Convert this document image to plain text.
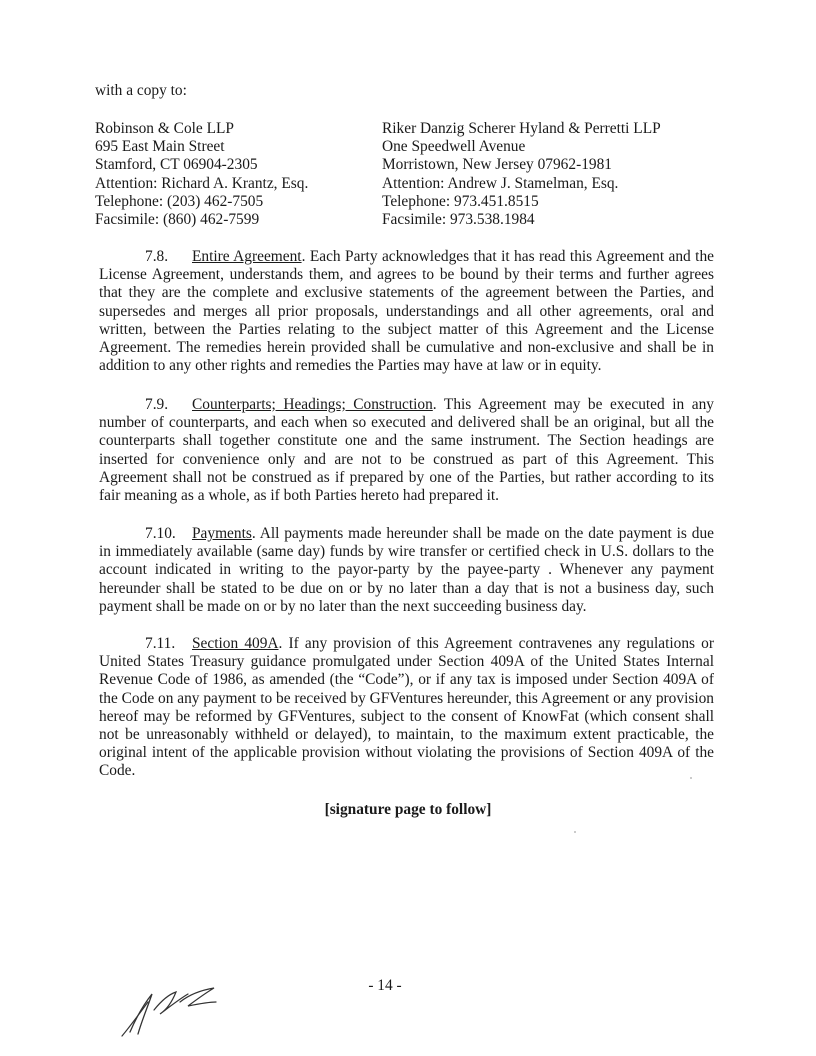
with a copy to:
Robinson & Cole LLP
695 East Main Street
Stamford, CT 06904-2305
Attention: Richard A. Krantz, Esq.
Telephone: (203) 462-7505
Facsimile: (860) 462-7599
Riker Danzig Scherer Hyland & Perretti LLP
One Speedwell Avenue
Morristown, New Jersey 07962-1981
Attention: Andrew J. Stamelman, Esq.
Telephone: 973.451.8515
Facsimile: 973.538.1984

7.8. Entire Agreement. Each Party acknowledges that it has read this Agreement and the License Agreement, understands them, and agrees to be bound by their terms and further agrees that they are the complete and exclusive statements of the agreement between the Parties, and supersedes and merges all prior proposals, understandings and all other agreements, oral and written, between the Parties relating to the subject matter of this Agreement and the License Agreement. The remedies herein provided shall be cumulative and non-exclusive and shall be in addition to any other rights and remedies the Parties may have at law or in equity.

7.9. Counterparts; Headings; Construction. This Agreement may be executed in any number of counterparts, and each when so executed and delivered shall be an original, but all the counterparts shall together constitute one and the same instrument. The Section headings are inserted for convenience only and are not to be construed as part of this Agreement. This Agreement shall not be construed as if prepared by one of the Parties, but rather according to its fair meaning as a whole, as if both Parties hereto had prepared it.

7.10. Payments. All payments made hereunder shall be made on the date payment is due in immediately available (same day) funds by wire transfer or certified check in U.S. dollars to the account indicated in writing to the payor-party by the payee-party . Whenever any payment hereunder shall be stated to be due on or by no later than a day that is not a business day, such payment shall be made on or by no later than the next succeeding business day.

7.11. Section 409A. If any provision of this Agreement contravenes any regulations or United States Treasury guidance promulgated under Section 409A of the United States Internal Revenue Code of 1986, as amended (the “Code”), or if any tax is imposed under Section 409A of the Code on any payment to be received by GFVentures hereunder, this Agreement or any provision hereof may be reformed by GFVentures, subject to the consent of KnowFat (which consent shall not be unreasonably withheld or delayed), to maintain, to the maximum extent practicable, the original intent of the applicable provision without violating the provisions of Section 409A of the Code.

[signature page to follow]
- 14 -
